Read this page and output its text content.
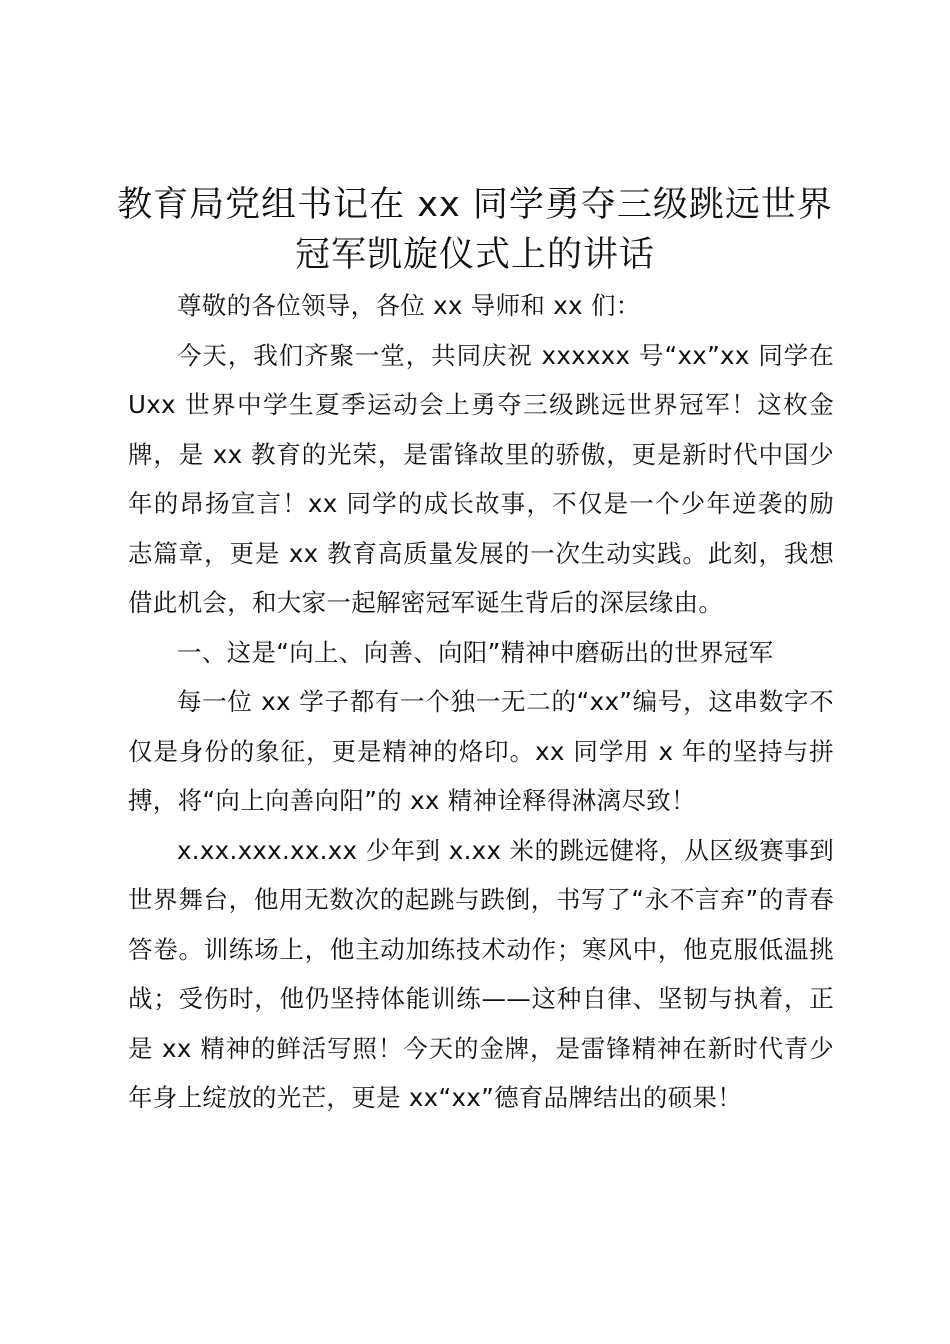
教育局党组书记在 xx 同学勇夺三级跳远世界
冠军凯旋仪式上的讲话

尊敬的各位领导，各位 xx 导师和 xx 们：

今天，我们齐聚一堂，共同庆祝 xxxxxx 号“xx”xx 同学在 Uxx 世界中学生夏季运动会上勇夺三级跳远世界冠军！这枚金牌，是 xx 教育的光荣，是雷锋故里的骄傲，更是新时代中国少年的昂扬宣言！xx 同学的成长故事，不仅是一个少年逆袭的励志篇章，更是 xx 教育高质量发展的一次生动实践。此刻，我想借此机会，和大家一起解密冠军诞生背后的深层缘由。

一、这是“向上、向善、向阳”精神中磨砺出的世界冠军

每一位 xx 学子都有一个独一无二的“xx”编号，这串数字不仅是身份的象征，更是精神的烙印。xx 同学用 x 年的坚持与拼搏，将“向上向善向阳”的 xx 精神诠释得淋漓尽致！

x.xx.xxx.xx.xx 少年到 x.xx 米的跳远健将，从区级赛事到世界舞台，他用无数次的起跳与跌倒，书写了“永不言弃”的青春答卷。训练场上，他主动加练技术动作；寒风中，他克服低温挑战；受伤时，他仍坚持体能训练——这种自律、坚韧与执着，正是 xx 精神的鲜活写照！今天的金牌，是雷锋精神在新时代青少年身上绽放的光芒，更是 xx“xx”德育品牌结出的硕果！
